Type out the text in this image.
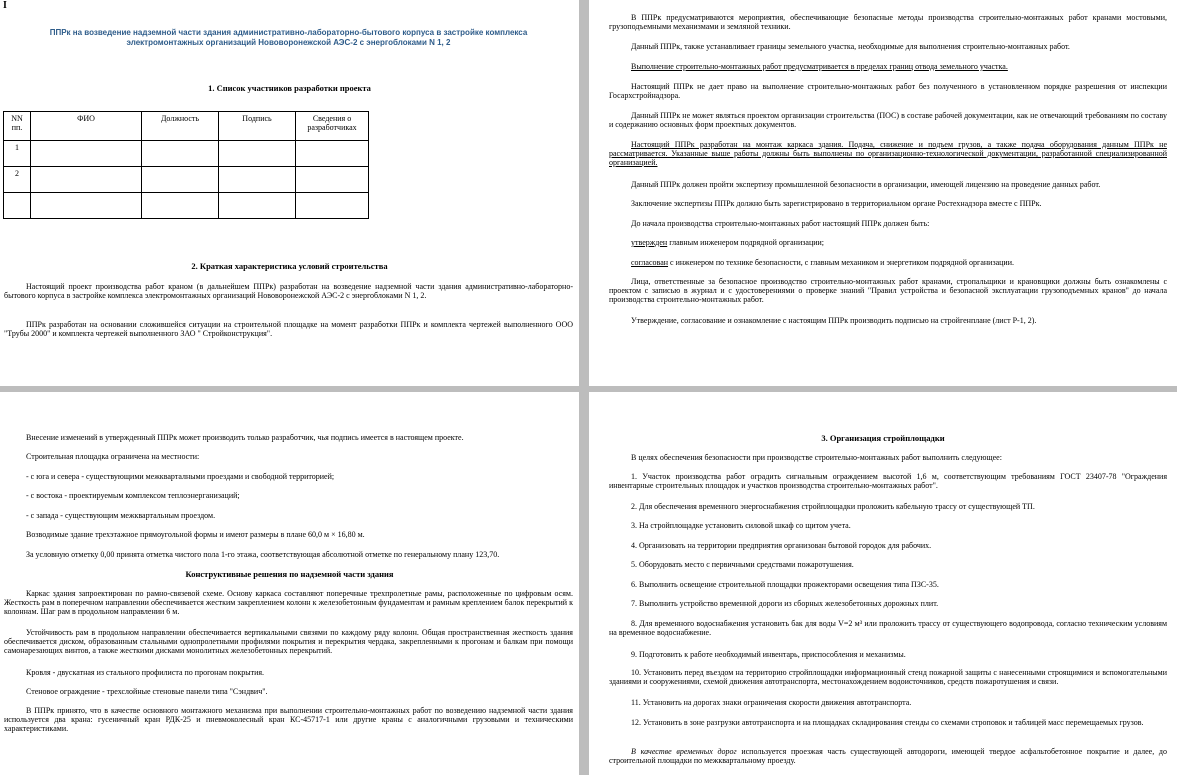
I
ППРк на возведение надземной части здания административно-лабораторно-бытового корпуса в застройке комплекса электромонтажных организаций Нововоронежской АЭС-2 с энергоблоками N 1, 2
1. Список участников разработки проекта
NN пп.	ФИО	Должность	Подпись	Сведения о разработчиках
1				
2				

2. Краткая характеристика условий строительства
Настоящий проект производства работ краном (в дальнейшем ППРк) разработан на возведение надземной части здания административно-лабораторно-бытового корпуса в застройке комплекса электромонтажных организаций Нововоронежской АЭС-2 с энергоблоками N 1, 2.
ППРк разработан на основании сложившейся ситуации на строительной площадке на момент разработки ППРк и комплекта чертежей выполненного ООО "Трубы 2000" и комплекта чертежей выполненного ЗАО " Стройконструкция".
В ППРк предусматриваются мероприятия, обеспечивающие безопасные методы производства строительно-монтажных работ кранами мостовыми, грузоподъемными механизмами и земляной техники.
Данный ППРк, также устанавливает границы земельного участка, необходимые для выполнения строительно-монтажных работ.
Выполнение строительно-монтажных работ предусматривается в пределах границ отвода земельного участка.
Настоящий ППРк не дает право на выполнение строительно-монтажных работ без полученного в установленном порядке разрешения от инспекции Госархстройнадзора.
Данный ППРк не может являться проектом организации строительства (ПОС) в составе рабочей документации, как не отвечающий требованиям по составу и содержанию основных форм проектных документов.
Настоящий ППРк разработан на монтаж каркаса здания. Подача, снижение и подъем грузов, а также подача оборудования данным ППРк не рассматривается. Указанные выше работы должны быть выполнены по организационно-технологической документации, разработанной специализированной организацией.
Данный ППРк должен пройти экспертизу промышленной безопасности в организации, имеющей лицензию на проведение данных работ.
Заключение экспертизы ППРк должно быть зарегистрировано в территориальном органе Ростехнадзора вместе с ППРк.
До начала производства строительно-монтажных работ настоящий ППРк должен быть:
утвержден главным инженером подрядной организации;
согласован с инженером по технике безопасности, с главным механиком и энергетиком подрядной организации.
Лица, ответственные за безопасное производство строительно-монтажных работ кранами, стропальщики и крановщики должны быть ознакомлены с проектом с записью в журнал и с удостоверениями о проверке знаний "Правил устройства и безопасной эксплуатации грузоподъемных кранов" до начала производства строительно-монтажных работ.
Утверждение, согласование и ознакомление с настоящим ППРк производить подписью на стройгенплане (лист Р-1, 2).
Внесение изменений в утвержденный ППРк может производить только разработчик, чья подпись имеется в настоящем проекте.
Строительная площадка ограничена на местности:
- с юга и севера - существующими межкварталными проездами и свободной территорией;
- с востока - проектируемым комплексом теплоэнерганизаций;
- с запада - существующим межквартальным проездом.
Возводимые здание трехэтажное прямоугольной формы и имеют размеры в плане 60,0 м × 16,80 м.
За условную отметку 0,00 принята отметка чистого пола 1-го этажа, соответствующая абсолютной отметке по генеральному плану 123,70.
Конструктивные решения по надземной части здания
Каркас здания запроектирован по рамно-связевой схеме. Основу каркаса составляют поперечные трехпролетные рамы, расположенные по цифровым осям. Жесткость рам в поперечном направлении обеспечивается жестким закреплением колонн к железобетонным фундаментам и рамным креплением балок перекрытий к колоннам. Шаг рам в продольном направлении 6 м.
Устойчивость рам в продольном направлении обеспечивается вертикальными связями по каждому ряду колонн. Общая пространственная жесткость здания обеспечивается диском, образованным стальными однопролетными профилями покрытия и перекрытия чердака, закрепленными к прогонам и балкам при помощи самонарезающих винтов, а также жесткими дисками монолитных железобетонных перекрытий.
Кровля - двускатная из стального профилиста по прогонам покрытия.
Стеновое ограждение - трехслойные стеновые панели типа "Сэндвич".
В ППРк принято, что в качестве основного монтажного механизма при выполнении строительно-монтажных работ по возведению надземной части здания используется два крана: гусеничный кран РДК-25 и пневмоколесный кран КС-45717-1 или другие краны с аналогичными грузовыми и техническими характеристиками.
3. Организация стройплощадки
В целях обеспечения безопасности при производстве строительно-монтажных работ выполнить следующее:
1. Участок производства работ оградить сигнальным ограждением высотой 1,6 м, соответствующим требованиям ГОСТ 23407-78 "Ограждения инвентарные строительных площадок и участков производства строительно-монтажных работ".
2. Для обеспечения временного энергоснабжения стройплощадки проложить кабельную трассу от существующей ТП.
3. На стройплощадке установить силовой шкаф со щитом учета.
4. Организовать на территории предприятия организован бытовой городок для рабочих.
5. Оборудовать место с первичными средствами пожаротушения.
6. Выполнить освещение строительной площадки прожекторами освещения типа ПЗС-35.
7. Выполнить устройство временной дороги из сборных железобетонных дорожных плит.
8. Для временного водоснабжения установить бак для воды V=2 м³ или проложить трассу от существующего водопровода, согласно техническим условиям на временное водоснабжение.
9. Подготовить к работе необходимый инвентарь, приспособления и механизмы.
10. Установить перед въездом на территорию стройплощадки информационный стенд пожарной защиты с нанесенными строящимися и вспомогательными зданиями и сооружениями, схемой движения автотранспорта, местонахождением водоисточников, средств пожаротушения и связи.
11. Установить на дорогах знаки ограничения скорости движения автотранспорта.
12. Установить в зоне разгрузки автотранспорта и на площадках складирования стенды со схемами строповок и таблицей масс перемещаемых грузов.
В качестве временных дорог используется проезжая часть существующей автодороги, имеющей твердое асфальтобетонное покрытие и далее, до строительной площадки по межквартальному проезду.
